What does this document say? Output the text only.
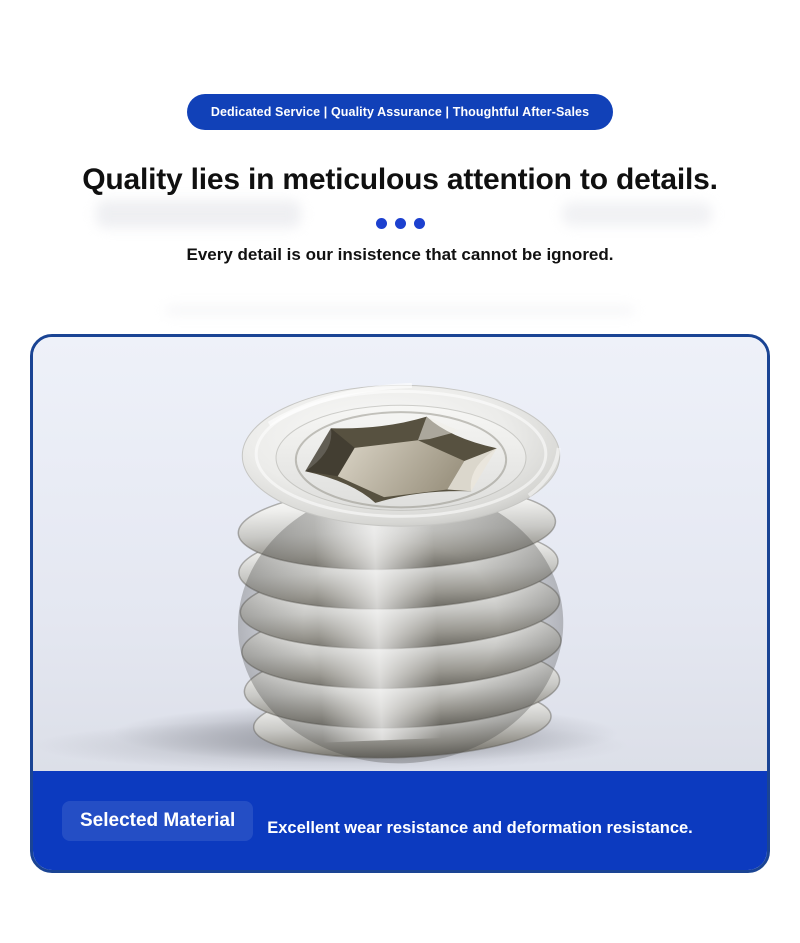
Dedicated Service | Quality Assurance | Thoughtful After-Sales
Quality lies in meticulous attention to details.

Every detail is our insistence that cannot be ignored.

Selected Material	Excellent wear resistance and deformation resistance.
